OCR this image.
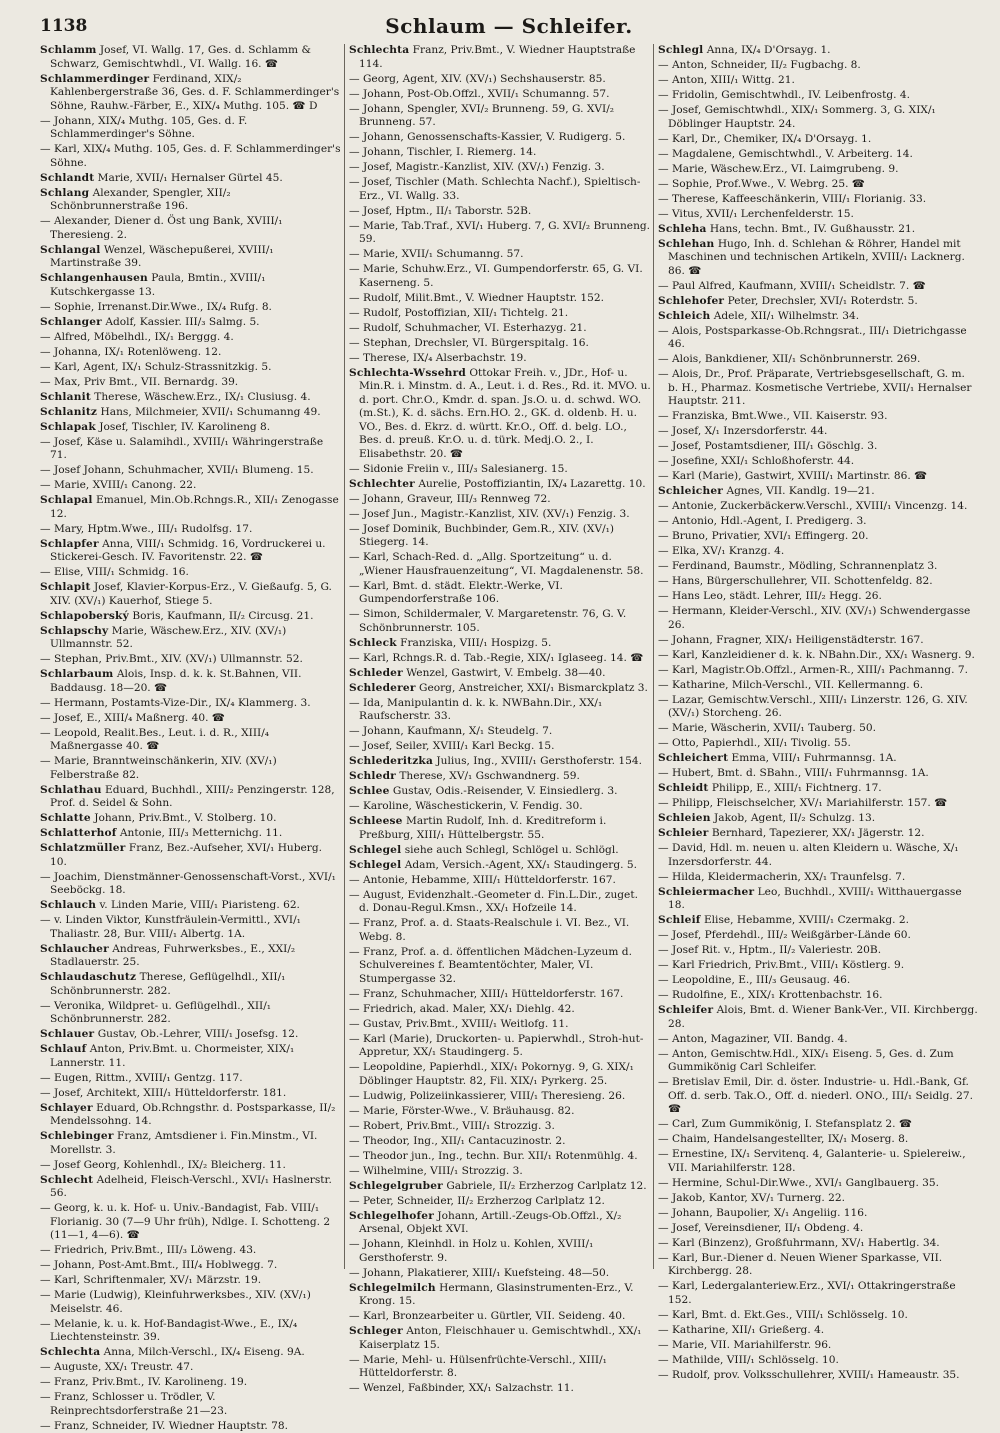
1138	Schlaum — Schleifer.
Schlamm Josef, VI. Wallg. 17, Ges. d. Schlamm & Schwarz, Gemischtwhdl., VI. Wallg. 16. ☎
Schlammerdinger Ferdinand, XIX/₂ Kahlenbergerstraße 36, Ges. d. F. Schlammerdinger's Söhne, Rauhw.-Färber, E., XIX/₄ Muthg. 105. ☎ D
— Johann, XIX/₄ Muthg. 105, Ges. d. F. Schlammerdinger's Söhne.
— Karl, XIX/₄ Muthg. 105, Ges. d. F. Schlammerdinger's Söhne.
Schlandt Marie, XVII/₁ Hernalser Gürtel 45.
Schlang Alexander, Spengler, XII/₂ Schönbrunnerstraße 196.
— Alexander, Diener d. Öst ung Bank, XVIII/₁ Theresieng. 2.
Schlangal Wenzel, Wäschepußerei, XVIII/₁ Martinstraße 39.
Schlangenhausen Paula, Bmtin., XVIII/₁ Kutschkergasse 13.
— Sophie, Irrenanst.Dir.Wwe., IX/₄ Rufg. 8.
Schlanger Adolf, Kassier. III/₃ Salmg. 5.
— Alfred, Möbelhdl., IX/₁ Berggg. 4.
— Johanna, IX/₁ Rotenlöweng. 12.
— Karl, Agent, IX/₁ Schulz-Strassnitzkig. 5.
— Max, Priv Bmt., VII. Bernardg. 39.
Schlanit Therese, Wäschew.Erz., IX/₁ Clusiusg. 4.
Schlanitz Hans, Milchmeier, XVII/₁ Schumanng 49.
Schlapak Josef, Tischler, IV. Karolineng 8.
— Josef, Käse u. Salamihdl., XVIII/₁ Währingerstraße 71.
— Josef Johann, Schuhmacher, XVII/₁ Blumeng. 15.
— Marie, XVIII/₁ Canong. 22.
Schlapal Emanuel, Min.Ob.Rchngs.R., XII/₁ Zenogasse 12.
— Mary, Hptm.Wwe., III/₁ Rudolfsg. 17.
Schlapfer Anna, VIII/₁ Schmidg. 16, Vordruckerei u. Stickerei-Gesch. IV. Favoritenstr. 22. ☎
— Elise, VIII/₁ Schmidg. 16.
Schlapit Josef, Klavier-Korpus-Erz., V. Gießaufg. 5, G. XIV. (XV/₁) Kauerhof, Stiege 5.
Schlapoberský Boris, Kaufmann, II/₂ Circusg. 21.
Schlapschy Marie, Wäschew.Erz., XIV. (XV/₁) Ullmannstr. 52.
— Stephan, Priv.Bmt., XIV. (XV/₁) Ullmannstr. 52.
Schlarbaum Alois, Insp. d. k. k. St.Bahnen, VII. Baddausg. 18—20. ☎
— Hermann, Postamts-Vize-Dir., IX/₄ Klammerg. 3.
— Josef, E., XIII/₄ Maßnerg. 40. ☎
— Leopold, Realit.Bes., Leut. i. d. R., XIII/₄ Maßnergasse 40. ☎
— Marie, Branntweinschänkerin, XIV. (XV/₁) Felberstraße 82.
Schlathau Eduard, Buchhdl., XIII/₂ Penzingerstr. 128, Prof. d. Seidel & Sohn.
Schlatte Johann, Priv.Bmt., V. Stolberg. 10.
Schlatterhof Antonie, III/₃ Metternichg. 11.
Schlatzmüller Franz, Bez.-Aufseher, XVI/₁ Huberg. 10.
— Joachim, Dienstmänner-Genossenschaft-Vorst., XVI/₁ Seeböckg. 18.
Schlauch v. Linden Marie, VIII/₁ Piaristeng. 62.
— v. Linden Viktor, Kunstfräulein-Vermittl., XVI/₁ Thaliastr. 28, Bur. VIII/₁ Albertg. 1A.
Schlaucher Andreas, Fuhrwerksbes., E., XXI/₂ Stadlauerstr. 25.
Schlaudaschutz Therese, Geflügelhdl., XII/₁ Schönbrunnerstr. 282.
— Veronika, Wildpret- u. Geflügelhdl., XII/₁ Schönbrunnerstr. 282.
Schlauer Gustav, Ob.-Lehrer, VIII/₁ Josefsg. 12.
Schlauf Anton, Priv.Bmt. u. Chormeister, XIX/₁ Lannerstr. 11.
— Eugen, Rittm., XVIII/₁ Gentzg. 117.
— Josef, Architekt, XIII/₁ Hütteldorferstr. 181.
Schlayer Eduard, Ob.Rchngsthr. d. Postsparkasse, II/₂ Mendelssohng. 14.
Schlebinger Franz, Amtsdiener i. Fin.Minstm., VI. Morellstr. 3.
— Josef Georg, Kohlenhdl., IX/₂ Bleicherg. 11.
Schlecht Adelheid, Fleisch-Verschl., XVI/₁ Haslnerstr. 56.
— Georg, k. u. k. Hof- u. Univ.-Bandagist, Fab. VIII/₁ Florianig. 30 (7—9 Uhr früh), Ndlge. I. Schotteng. 2 (11—1, 4—6). ☎
— Friedrich, Priv.Bmt., III/₃ Löweng. 43.
— Johann, Post-Amt.Bmt., III/₄ Hoblwegg. 7.
— Karl, Schriftenmaler, XV/₁ Märzstr. 19.
— Marie (Ludwig), Kleinfuhrwerksbes., XIV. (XV/₁) Meiselstr. 46.
— Melanie, k. u. k. Hof-Bandagist-Wwe., E., IX/₄ Liechtensteinstr. 39.
Schlechta Anna, Milch-Verschl., IX/₄ Eiseng. 9A.
— Auguste, XX/₁ Treustr. 47.
— Franz, Priv.Bmt., IV. Karolineng. 19.
— Franz, Schlosser u. Trödler, V. Reinprechtsdorferstraße 21—23.
— Franz, Schneider, IV. Wiedner Hauptstr. 78.
Schlechta Franz, Priv.Bmt., V. Wiedner Hauptstraße 114.
— Georg, Agent, XIV. (XV/₁) Sechshauserstr. 85.
— Johann, Post-Ob.Offzl., XVII/₁ Schumanng. 57.
— Johann, Spengler, XVI/₂ Brunneng. 59, G. XVI/₂ Brunneng. 57.
— Johann, Genossenschafts-Kassier, V. Rudigerg. 5.
— Johann, Tischler, I. Riemerg. 14.
— Josef, Magistr.-Kanzlist, XIV. (XV/₁) Fenzig. 3.
— Josef, Tischler (Math. Schlechta Nachf.), Spieltisch-Erz., VI. Wallg. 33.
— Josef, Hptm., II/₁ Taborstr. 52B.
— Marie, Tab.Traf., XVI/₁ Huberg. 7, G. XVI/₂ Brunneng. 59.
— Marie, XVII/₁ Schumanng. 57.
— Marie, Schuhw.Erz., VI. Gumpendorferstr. 65, G. VI. Kaserneng. 5.
— Rudolf, Milit.Bmt., V. Wiedner Hauptstr. 152.
— Rudolf, Postoffizian, XII/₁ Tichtelg. 21.
— Rudolf, Schuhmacher, VI. Esterhazyg. 21.
— Stephan, Drechsler, VI. Bürgerspitalg. 16.
— Therese, IX/₄ Alserbachstr. 19.
Schlechta-Wssehrd Ottokar Freih. v., JDr., Hof- u. Min.R. i. Minstm. d. A., Leut. i. d. Res., Rd. it. MVO. u. d. port. Chr.O., Kmdr. d. span. Js.O. u. d. schwd. WO. (m.St.), K. d. sächs. Ern.HO. 2., GK. d. oldenb. H. u. VO., Bes. d. Ekrz. d. württ. Kr.O., Off. d. belg. LO., Bes. d. preuß. Kr.O. u. d. türk. Medj.O. 2., I. Elisabethstr. 20. ☎
— Sidonie Freiin v., III/₃ Salesianerg. 15.
Schlechter Aurelie, Postoffiziantin, IX/₄ Lazarettg. 10.
— Johann, Graveur, III/₃ Rennweg 72.
— Josef Jun., Magistr.-Kanzlist, XIV. (XV/₁) Fenzig. 3.
— Josef Dominik, Buchbinder, Gem.R., XIV. (XV/₁) Stiegerg. 14.
— Karl, Schach-Red. d. „Allg. Sportzeitung“ u. d. „Wiener Hausfrauenzeitung“, VI. Magdalenenstr. 58.
— Karl, Bmt. d. städt. Elektr.-Werke, VI. Gumpendorferstraße 106.
— Simon, Schildermaler, V. Margaretenstr. 76, G. V. Schönbrunnerstr. 105.
Schleck Franziska, VIII/₁ Hospizg. 5.
— Karl, Rchngs.R. d. Tab.-Regie, XIX/₁ Iglaseeg. 14. ☎
Schleder Wenzel, Gastwirt, V. Embelg. 38—40.
Schlederer Georg, Anstreicher, XXI/₁ Bismarckplatz 3.
— Ida, Manipulantin d. k. k. NWBahn.Dir., XX/₁ Raufscherstr. 33.
— Johann, Kaufmann, X/₁ Steudelg. 7.
— Josef, Seiler, XVIII/₁ Karl Beckg. 15.
Schlederitzka Julius, Ing., XVIII/₁ Gersthoferstr. 154.
Schledr Therese, XV/₁ Gschwandnerg. 59.
Schlee Gustav, Odis.-Reisender, V. Einsiedlerg. 3.
— Karoline, Wäschestickerin, V. Fendig. 30.
Schleese Martin Rudolf, Inh. d. Kreditreform i. Preßburg, XIII/₁ Hüttelbergstr. 55.
Schlegel siehe auch Schlegl, Schlögel u. Schlögl.
Schlegel Adam, Versich.-Agent, XX/₁ Staudingerg. 5.
— Antonie, Hebamme, XIII/₁ Hütteldorferstr. 167.
— August, Evidenzhalt.-Geometer d. Fin.L.Dir., zuget. d. Donau-Regul.Kmsn., XX/₁ Hofzeile 14.
— Franz, Prof. a. d. Staats-Realschule i. VI. Bez., VI. Webg. 8.
— Franz, Prof. a. d. öffentlichen Mädchen-Lyzeum d. Schulvereines f. Beamtentöchter, Maler, VI. Stumpergasse 32.
— Franz, Schuhmacher, XIII/₁ Hütteldorferstr. 167.
— Friedrich, akad. Maler, XX/₁ Diehlg. 42.
— Gustav, Priv.Bmt., XVIII/₁ Weitlofg. 11.
— Karl (Marie), Druckorten- u. Papierwhdl., Stroh-hut-Appretur, XX/₁ Staudingerg. 5.
— Leopoldine, Papierhdl., XIX/₁ Pokornyg. 9, G. XIX/₁ Döblinger Hauptstr. 82, Fil. XIX/₁ Pyrkerg. 25.
— Ludwig, Polizeiinkassierer, VIII/₁ Theresieng. 26.
— Marie, Förster-Wwe., V. Bräuhausg. 82.
— Robert, Priv.Bmt., VIII/₁ Strozzig. 3.
— Theodor, Ing., XII/₁ Cantacuzinostr. 2.
— Theodor jun., Ing., techn. Bur. XII/₁ Rotenmühlg. 4.
— Wilhelmine, VIII/₁ Strozzig. 3.
Schlegelgruber Gabriele, II/₂ Erzherzog Carlplatz 12.
— Peter, Schneider, II/₂ Erzherzog Carlplatz 12.
Schlegelhofer Johann, Artill.-Zeugs-Ob.Offzl., X/₂ Arsenal, Objekt XVI.
— Johann, Kleinhdl. in Holz u. Kohlen, XVIII/₁ Gersthoferstr. 9.
— Johann, Plakatierer, XIII/₁ Kuefsteing. 48—50.
Schlegelmilch Hermann, Glasinstrumenten-Erz., V. Krong. 15.
— Karl, Bronzearbeiter u. Gürtler, VII. Seideng. 40.
Schleger Anton, Fleischhauer u. Gemischtwhdl., XX/₁ Kaiserplatz 15.
— Marie, Mehl- u. Hülsenfrüchte-Verschl., XIII/₁ Hütteldorferstr. 8.
— Wenzel, Faßbinder, XX/₁ Salzachstr. 11.
Schlegl Anna, IX/₄ D'Orsayg. 1.
— Anton, Schneider, II/₂ Fugbachg. 8.
— Anton, XIII/₁ Wittg. 21.
— Fridolin, Gemischtwhdl., IV. Leibenfrostg. 4.
— Josef, Gemischtwhdl., XIX/₁ Sommerg. 3, G. XIX/₁ Döblinger Hauptstr. 24.
— Karl, Dr., Chemiker, IX/₄ D'Orsayg. 1.
— Magdalene, Gemischtwhdl., V. Arbeiterg. 14.
— Marie, Wäschew.Erz., VI. Laimgrubeng. 9.
— Sophie, Prof.Wwe., V. Webrg. 25. ☎
— Therese, Kaffeeschänkerin, VIII/₁ Florianig. 33.
— Vitus, XVII/₁ Lerchenfelderstr. 15.
Schleha Hans, techn. Bmt., IV. Gußhausstr. 21.
Schlehan Hugo, Inh. d. Schlehan & Röhrer, Handel mit Maschinen und technischen Artikeln, XVIII/₁ Lacknerg. 86. ☎
— Paul Alfred, Kaufmann, XVIII/₁ Scheidlstr. 7. ☎
Schlehofer Peter, Drechsler, XVI/₁ Roterdstr. 5.
Schleich Adele, XII/₁ Wilhelmstr. 34.
— Alois, Postsparkasse-Ob.Rchngsrat., III/₁ Dietrichgasse 46.
— Alois, Bankdiener, XII/₁ Schönbrunnerstr. 269.
— Alois, Dr., Prof. Präparate, Vertriebsgesellschaft, G. m. b. H., Pharmaz. Kosmetische Vertriebe, XVII/₁ Hernalser Hauptstr. 211.
— Franziska, Bmt.Wwe., VII. Kaiserstr. 93.
— Josef, X/₁ Inzersdorferstr. 44.
— Josef, Postamtsdiener, III/₁ Göschlg. 3.
— Josefine, XXI/₁ Schloßhoferstr. 44.
— Karl (Marie), Gastwirt, XVIII/₁ Martinstr. 86. ☎
Schleicher Agnes, VII. Kandlg. 19—21.
— Antonie, Zuckerbäckerw.Verschl., XVIII/₁ Vincenzg. 14.
— Antonio, Hdl.-Agent, I. Predigerg. 3.
— Bruno, Privatier, XVI/₁ Effingerg. 20.
— Elka, XV/₁ Kranzg. 4.
— Ferdinand, Baumstr., Mödling, Schrannenplatz 3.
— Hans, Bürgerschullehrer, VII. Schottenfeldg. 82.
— Hans Leo, städt. Lehrer, III/₂ Hegg. 26.
— Hermann, Kleider-Verschl., XIV. (XV/₁) Schwendergasse 26.
— Johann, Fragner, XIX/₁ Heiligenstädterstr. 167.
— Karl, Kanzleidiener d. k. k. NBahn.Dir., XX/₁ Wasnerg. 9.
— Karl, Magistr.Ob.Offzl., Armen-R., XIII/₁ Pachmanng. 7.
— Katharine, Milch-Verschl., VII. Kellermanng. 6.
— Lazar, Gemischtw.Verschl., XIII/₁ Linzerstr. 126, G. XIV. (XV/₁) Storcheng. 26.
— Marie, Wäscherin, XVII/₁ Tauberg. 50.
— Otto, Papierhdl., XII/₁ Tivolig. 55.
Schleichert Emma, VIII/₁ Fuhrmannsg. 1A.
— Hubert, Bmt. d. SBahn., VIII/₁ Fuhrmannsg. 1A.
Schleidt Philipp, E., XIII/₁ Fichtnerg. 17.
— Philipp, Fleischselcher, XV/₁ Mariahilferstr. 157. ☎
Schleien Jakob, Agent, II/₂ Schulzg. 13.
Schleier Bernhard, Tapezierer, XX/₁ Jägerstr. 12.
— David, Hdl. m. neuen u. alten Kleidern u. Wäsche, X/₁ Inzersdorferstr. 44.
— Hilda, Kleidermacherin, XX/₁ Traunfelsg. 7.
Schleiermacher Leo, Buchhdl., XVIII/₁ Witthauergasse 18.
Schleif Elise, Hebamme, XVIII/₁ Czermakg. 2.
— Josef, Pferdehdl., III/₂ Weißgärber-Lände 60.
— Josef Rit. v., Hptm., II/₂ Valeriestr. 20B.
— Karl Friedrich, Priv.Bmt., VIII/₁ Köstlerg. 9.
— Leopoldine, E., III/₃ Geusaug. 46.
— Rudolfine, E., XIX/₁ Krottenbachstr. 16.
Schleifer Alois, Bmt. d. Wiener Bank-Ver., VII. Kirchbergg. 28.
— Anton, Magaziner, VII. Bandg. 4.
— Anton, Gemischtw.Hdl., XIX/₁ Eiseng. 5, Ges. d. Zum Gummikönig Carl Schleifer.
— Bretislav Emil, Dir. d. öster. Industrie- u. Hdl.-Bank, Gf. Off. d. serb. Tak.O., Off. d. niederl. ONO., III/₁ Seidlg. 27. ☎
— Carl, Zum Gummikönig, I. Stefansplatz 2. ☎
— Chaim, Handelsangestellter, IX/₁ Moserg. 8.
— Ernestine, IX/₁ Servitenq. 4, Galanterie- u. Spielereiw., VII. Mariahilferstr. 128.
— Hermine, Schul-Dir.Wwe., XVI/₁ Ganglbauerg. 35.
— Jakob, Kantor, XV/₁ Turnerg. 22.
— Johann, Baupolier, X/₁ Angeliig. 116.
— Josef, Vereinsdiener, II/₁ Obdeng. 4.
— Karl (Binzenz), Großfuhrmann, XV/₁ Habertlg. 34.
— Karl, Bur.-Diener d. Neuen Wiener Sparkasse, VII. Kirchbergg. 28.
— Karl, Ledergalanteriew.Erz., XVI/₁ Ottakringerstraße 152.
— Karl, Bmt. d. Ekt.Ges., VIII/₁ Schlösselg. 10.
— Katharine, XII/₁ Grießerg. 4.
— Marie, VII. Mariahilferstr. 96.
— Mathilde, VIII/₁ Schlösselg. 10.
— Rudolf, prov. Volksschullehrer, XVIII/₁ Hameaustr. 35.
